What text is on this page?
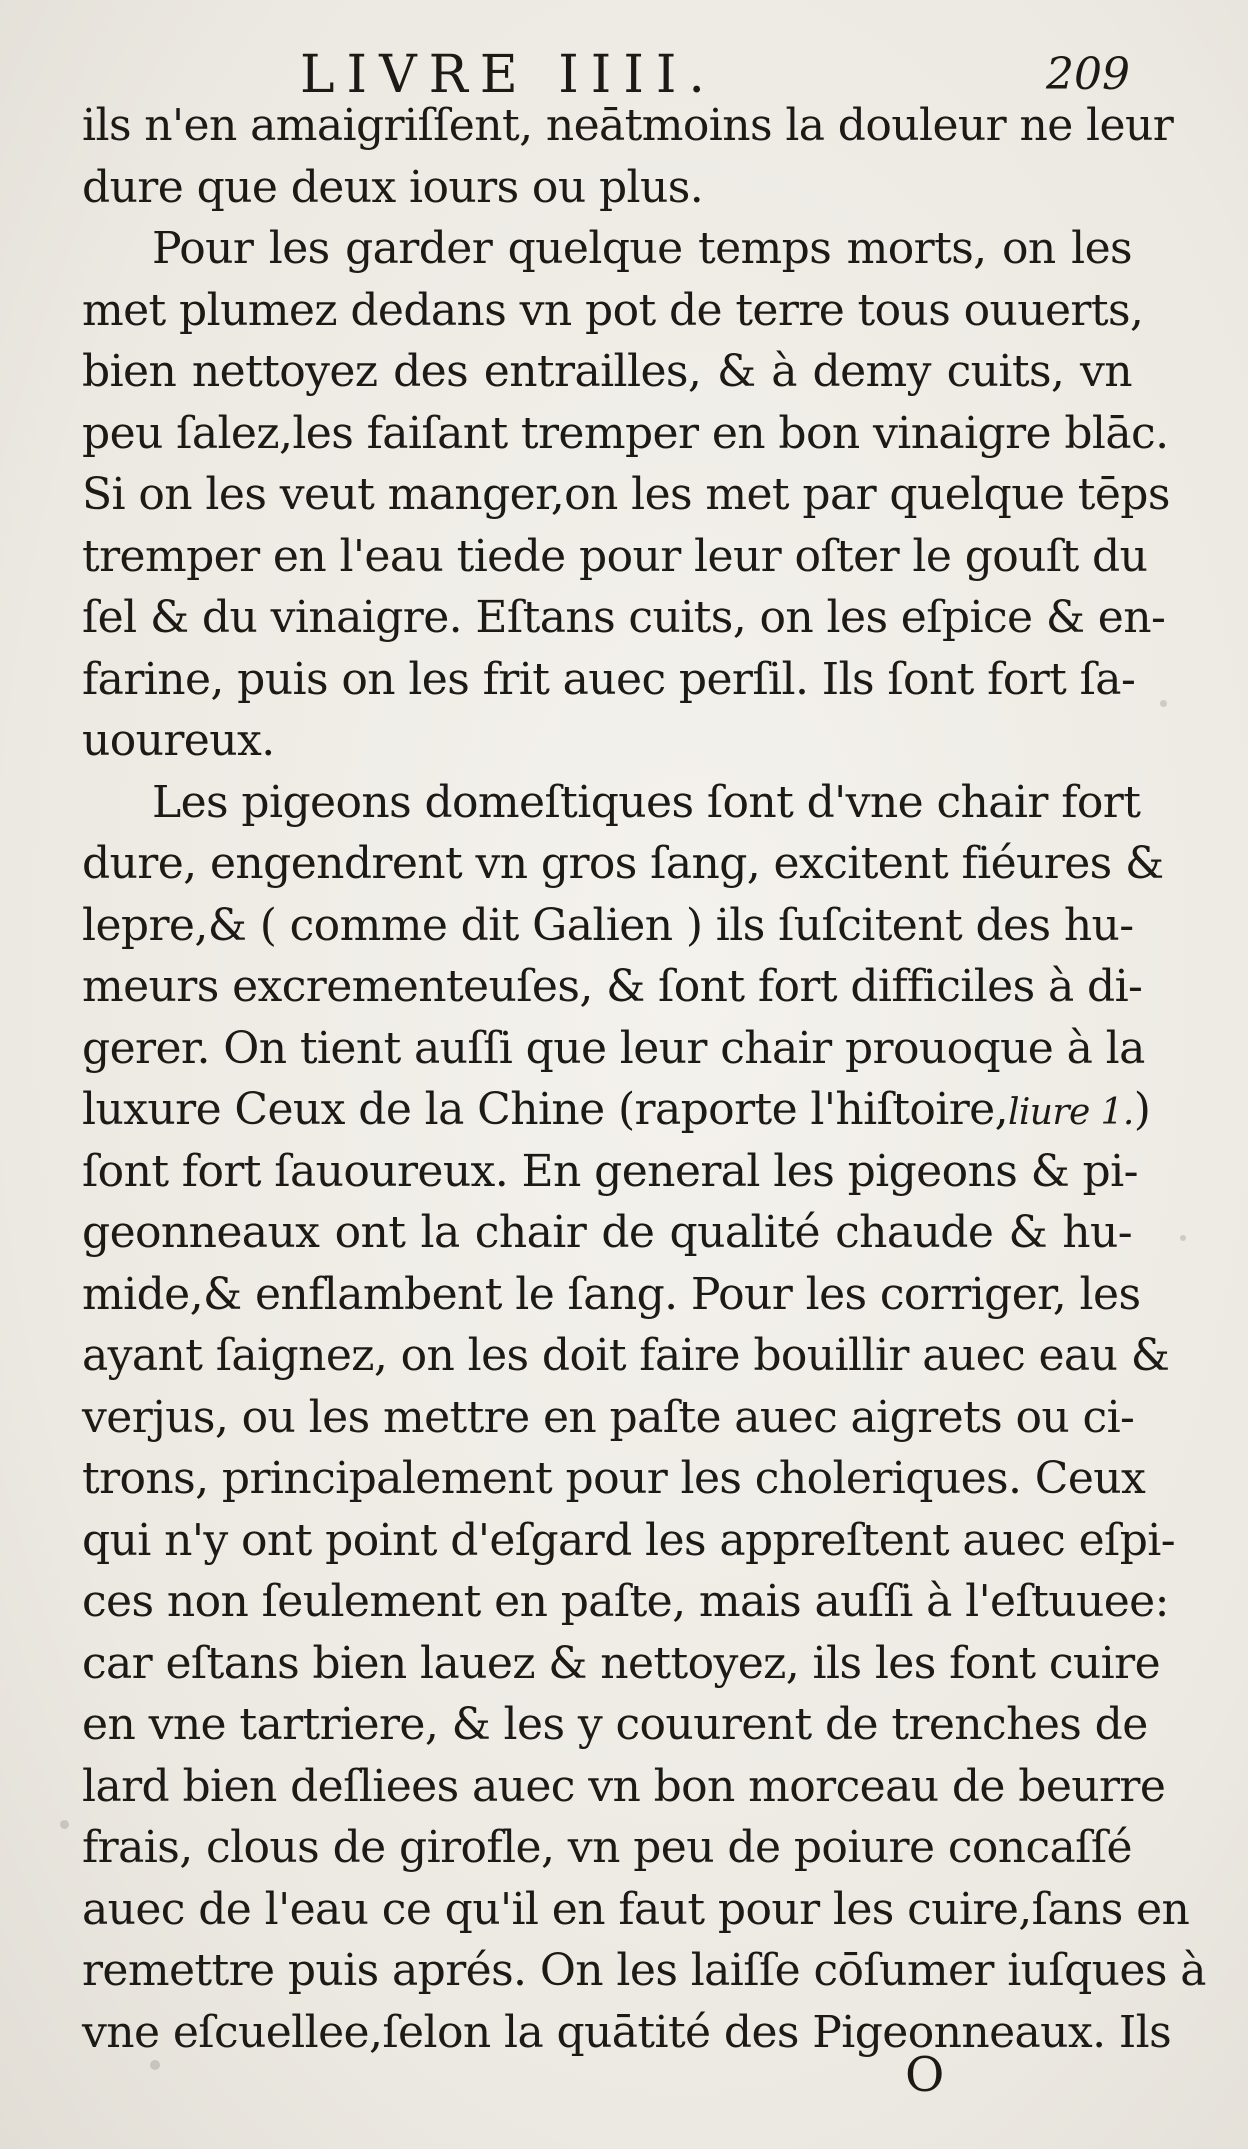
LIVRE IIII.	209
ils n'en amaigriſſent, neātmoins la douleur ne leur
dure que deux iours ou plus.
Pour les garder quelque temps morts, on les
met plumez dedans vn pot de terre tous ouuerts,
bien nettoyez des entrailles, & à demy cuits, vn
peu ſalez,les faiſant tremper en bon vinaigre blāc.
Si on les veut manger,on les met par quelque tēps
tremper en l'eau tiede pour leur oſter le gouſt du
ſel & du vinaigre. Eſtans cuits, on les eſpice & en-
farine, puis on les frit auec perſil. Ils ſont fort ſa-
uoureux.
Les pigeons domeſtiques ſont d'vne chair fort
dure, engendrent vn gros ſang, excitent fiéures &
lepre,& ( comme dit Galien ) ils ſuſcitent des hu-
meurs excrementeuſes, & ſont fort difficiles à di-
gerer. On tient auſſi que leur chair prouoque à la
luxure Ceux de la Chine (raporte l'hiſtoire,liure 1.)
ſont fort ſauoureux. En general les pigeons & pi-
geonneaux ont la chair de qualité chaude & hu-
mide,& enflambent le ſang. Pour les corriger, les
ayant ſaignez, on les doit faire bouillir auec eau &
verjus, ou les mettre en paſte auec aigrets ou ci-
trons, principalement pour les choleriques. Ceux
qui n'y ont point d'eſgard les appreſtent auec eſpi-
ces non ſeulement en paſte, mais auſſi à l'eſtuuee:
car eſtans bien lauez & nettoyez, ils les font cuire
en vne tartriere, & les y couurent de trenches de
lard bien deſliees auec vn bon morceau de beurre
frais, clous de girofle, vn peu de poiure concaſſé
auec de l'eau ce qu'il en faut pour les cuire,ſans en
remettre puis aprés. On les laiſſe cōſumer iuſques à
vne eſcuellee,ſelon la quātité des Pigeonneaux. Ils
O
